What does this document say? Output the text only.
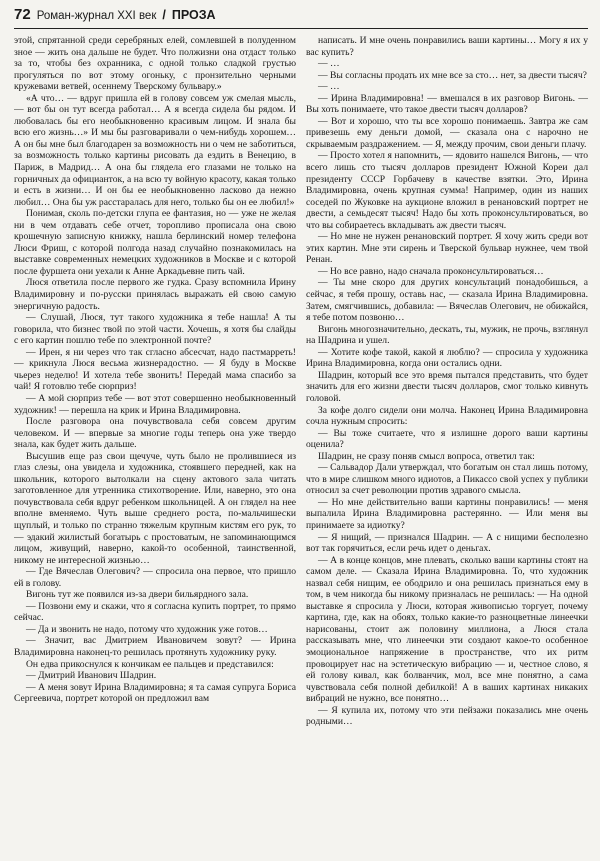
72 Роман-журнал XXI век / ПРОЗА

этой, спрятанной среди серебряных елей, сомлевшей в полуденном зное — жить она дальше не будет. Что полжизни она отдаст только за то, чтобы без охранника, с одной только сладкой грустью прогуляться по вот этому огоньку, с пронзительно черными кружевами ветвей, осеннему Тверскому бульвару.»

«А что… — вдруг пришла ей в голову совсем уж смелая мысль, — вот бы он тут всегда работал… А я всегда сидела бы рядом. И любовалась бы его необыкновенно красивым лицом. И знала бы всю его жизнь…» И мы бы разговаривали о чем-нибудь хорошем… А он бы мне был благодарен за возможность ни о чем не заботиться, за возможность только картины рисовать да ездить в Венецию, в Париж, в Мадрид… А она бы глядела его глазами не только на горничных да официанток, а на всю ту войную красоту, какая только и есть в жизни… И он бы ее необыкновенно ласково да нежно любил… Она бы уж расстаралась для него, только бы он ее любил!»

Понимая, сколь по-детски глупа ее фантазия, но — уже не желая ни в чем отдавать себе отчет, торопливо прописала она свою крошечную записную книжку, нашла берлинский номер телефона Люси Фриш, с которой полгода назад случайно познакомилась на выставке современных немецких художников в Москве и с которой после фуршета они уехали к Анне Аркадьевне пить чай.

Люся ответила после первого же гудка. Сразу вспомнила Ирину Владимировну и по-русски принялась выражать ей свою самую энергичную радость.

— Слушай, Люся, тут такого художника я тебе нашла! А ты говорила, что бизнес твой по этой части. Хочешь, я хотя бы слайды с его картин пошлю тебе по электронной почте?

— Ирен, я ни через что так сгласно абсесчат, надо пастмарреть! — крикнула Люся весьма жизнерадостно. — Я буду в Москве чьерез неделю! И хотела тебе звонить! Передай мама спасибо за чай! Я готовлю тебе сюрприз!

— А мой сюрприз тебе — вот этот совершенно необыкновенный художник! — перешла на крик и Ирина Владимировна.

После разговора она почувствовала себя совсем другим человеком. И — впервые за многие годы теперь она уже твердо знала, как будет жить дальше.

Высушив еще раз свои щечуче, чуть было не пролившиеся из глаз слезы, она увидела и художника, стоявшего передней, как на школьник, которого вытолкали на сцену актового зала читать заготовленное для утренника стихотворение. Или, наверно, это она почувствовала себя вдруг ребенком школьницей. А он глядел на нее вполне вменяемо. Чуть выше среднего роста, по-мальчишески щуплый, и только по странно тяжелым крупным кистям его рук, то — эдакий жилистый богатырь с простоватым, не запоминающимся лицом, живущий, наверно, какой-то особенной, таинственной, никому не интересной жизнью…

— Где Вячеслав Олегович? — спросила она первое, что пришло ей в голову.

Вигонь тут же появился из-за двери бильярдного зала.

— Позвони ему и скажи, что я согласна купить портрет, то прямо сейчас.

— Да и звонить не надо, потому что художник уже готов…

— Значит, вас Дмитрием Ивановичем зовут? — Ирина Владимировна наконец-то решилась протянуть художнику руку.

Он едва прикоснулся к кончикам ее пальцев и представился:

— Дмитрий Иванович Шадрин.

— А меня зовут Ирина Владимировна; я та самая супруга Бориса Сергеевича, портрет которой он предложил вам

написать. И мне очень понравились ваши картины… Могу я их у вас купить?

— …

— Вы согласны продать их мне все за сто… нет, за двести тысяч?

— …

— Ирина Владимировна! — вмешался в их разговор Вигонь. — Вы хоть понимаете, что такое двести тысяч долларов?

— Вот и хорошо, что ты все хорошо понимаешь. Завтра же сам привезешь ему деньги домой, — сказала она с нарочно не скрываемым раздражением. — Я, между прочим, свои деньги плачу.

— Просто хотел я напомнить, — ядовито нашелся Вигонь, — что всего лишь сто тысяч долларов президент Южной Кореи дал президенту СССР Горбачеву в качестве взятки. Это, Ирина Владимировна, очень крупная сумма! Например, один из наших соседей по Жуковке на аукционе вложил в ренановский портрет не двести, а семьдесят тысяч! Надо бы хоть проконсультироваться, во что вы собираетесь вкладывать аж двести тысяч.

— Но мне не нужен ренановский портрет. Я хочу жить среди вот этих картин. Мне эти сирень и Тверской бульвар нужнее, чем твой Ренан.

— Но все равно, надо сначала проконсультироваться…

— Ты мне скоро для других консультаций понадобишься, а сейчас, я тебя прошу, оставь нас, — сказала Ирина Владимировна. Затем, смягчившись, добавила: — Вячеслав Олегович, не обижайся, я тебе потом позвоню…

Вигонь многозначительно, дескать, ты, мужик, не прочь, взглянул на Шадрина и ушел.

— Хотите кофе такой, какой я люблю? — спросила у художника Ирина Владимировна, когда они остались одни.

Шадрин, который все это время пытался представить, что будет значить для его жизни двести тысяч долларов, смог только кивнуть головой.

За кофе долго сидели они молча. Наконец Ирина Владимировна сочла нужным спросить:

— Вы тоже считаете, что я излишне дорого ваши картины оценила?

Шадрин, не сразу поняв смысл вопроса, ответил так:

— Сальвадор Дали утверждал, что богатым он стал лишь потому, что в мире слишком много идиотов, а Пикассо свой успех у публики относил за счет революции против здравого смысла.

— Но мне действительно ваши картины понравились! — меня выпалила Ирина Владимировна растерянно. — Или меня вы принимаете за идиотку?

— Я нищий, — признался Шадрин. — А с нищими бесполезно вот так горячиться, если речь идет о деньгах.

— А в конце концов, мне плевать, сколько ваши картины стоят на самом деле. — Сказала Ирина Владимировна. То, что художник назвал себя нищим, ее ободрило и она решилась признаться ему в том, в чем никогда бы никому призналась не решилась: — На одной выставке я спросила у Люси, которая живописью торгует, почему картина, где, как на обоях, только какие-то разноцветные линеечки нарисованы, стоит аж половину миллиона, а Люся стала рассказывать мне, что линеечки эти создают какое-то особенное эмоциональное напряжение в пространстве, что их ритм провоцирует нас на эстетическую вибрацию — и, честное слово, я ей голову кивал, как болванчик, мол, все мне понятно, а сама чувствовала себя полной дебилкой! А в ваших картинах никаких вибраций не нужно, все понятно…

— Я купила их, потому что эти пейзажи показались мне очень родными…
